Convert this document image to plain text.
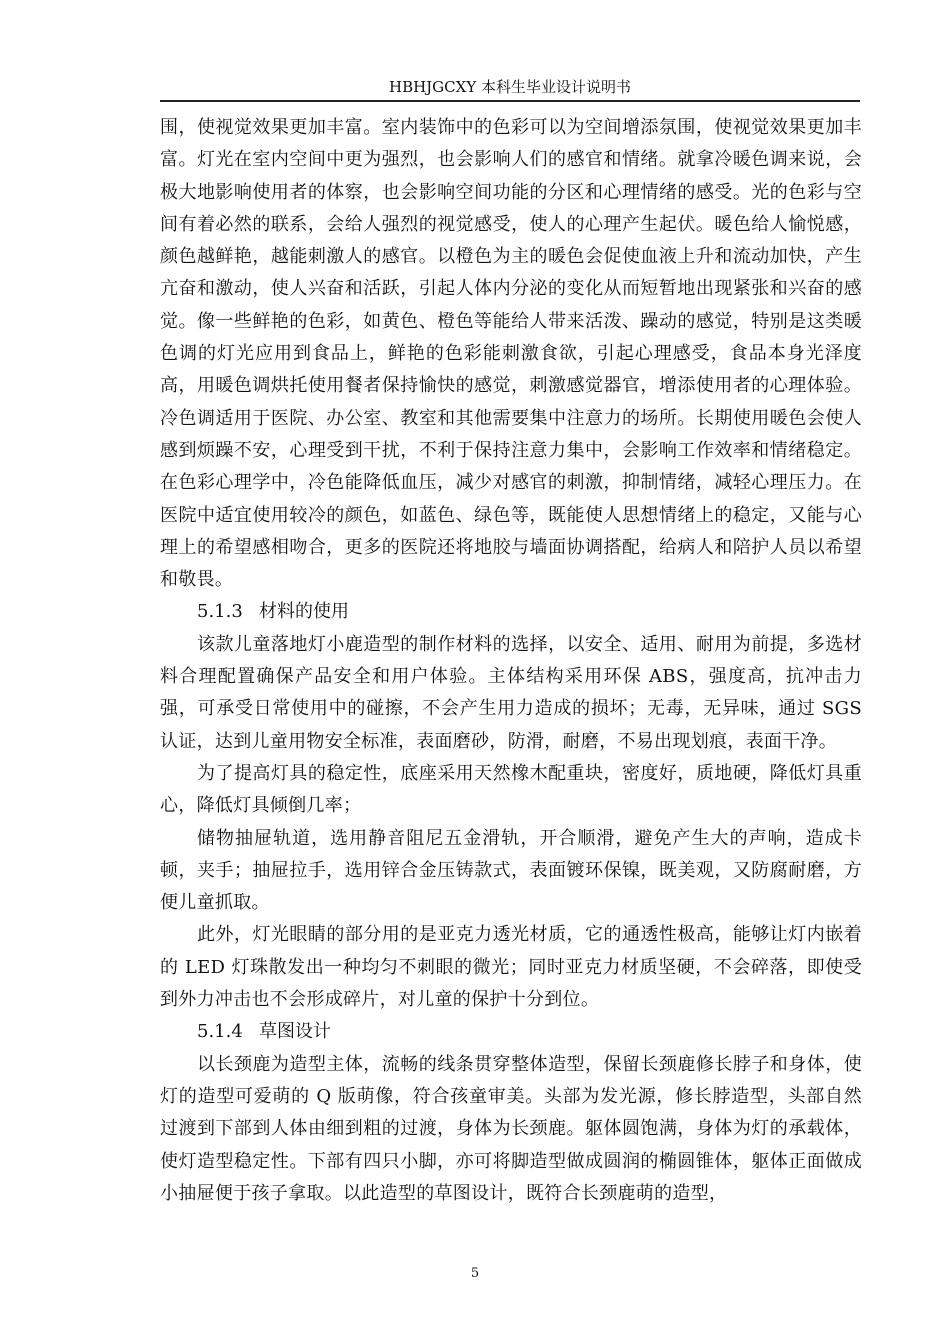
HBHJGCXY 本科生毕业设计说明书

围，使视觉效果更加丰富。室内装饰中的色彩可以为空间增添氛围，使视觉效果更加丰富。灯光在室内空间中更为强烈，也会影响人们的感官和情绪。就拿冷暖色调来说，会极大地影响使用者的体察，也会影响空间功能的分区和心理情绪的感受。光的色彩与空间有着必然的联系，会给人强烈的视觉感受，使人的心理产生起伏。暖色给人愉悦感，颜色越鲜艳，越能刺激人的感官。以橙色为主的暖色会促使血液上升和流动加快，产生亢奋和激动，使人兴奋和活跃，引起人体内分泌的变化从而短暂地出现紧张和兴奋的感觉。像一些鲜艳的色彩，如黄色、橙色等能给人带来活泼、躁动的感觉，特别是这类暖色调的灯光应用到食品上，鲜艳的色彩能刺激食欲，引起心理感受，食品本身光泽度高，用暖色调烘托使用餐者保持愉快的感觉，刺激感觉器官，增添使用者的心理体验。冷色调适用于医院、办公室、教室和其他需要集中注意力的场所。长期使用暖色会使人感到烦躁不安，心理受到干扰，不利于保持注意力集中，会影响工作效率和情绪稳定。在色彩心理学中，冷色能降低血压，减少对感官的刺激，抑制情绪，减轻心理压力。在医院中适宜使用较冷的颜色，如蓝色、绿色等，既能使人思想情绪上的稳定，又能与心理上的希望感相吻合，更多的医院还将地胶与墙面协调搭配，给病人和陪护人员以希望和敬畏。

5.1.3 材料的使用

该款儿童落地灯小鹿造型的制作材料的选择，以安全、适用、耐用为前提，多选材料合理配置确保产品安全和用户体验。主体结构采用环保 ABS，强度高，抗冲击力强，可承受日常使用中的碰擦，不会产生用力造成的损坏；无毒，无异味，通过 SGS 认证，达到儿童用物安全标准，表面磨砂，防滑，耐磨，不易出现划痕，表面干净。

为了提高灯具的稳定性，底座采用天然橡木配重块，密度好，质地硬，降低灯具重心，降低灯具倾倒几率；

储物抽屉轨道，选用静音阻尼五金滑轨，开合顺滑，避免产生大的声响，造成卡顿，夹手；抽屉拉手，选用锌合金压铸款式，表面镀环保镍，既美观，又防腐耐磨，方便儿童抓取。

此外，灯光眼睛的部分用的是亚克力透光材质，它的通透性极高，能够让灯内嵌着的 LED 灯珠散发出一种均匀不刺眼的微光；同时亚克力材质坚硬，不会碎落，即使受到外力冲击也不会形成碎片，对儿童的保护十分到位。

5.1.4 草图设计

以长颈鹿为造型主体，流畅的线条贯穿整体造型，保留长颈鹿修长脖子和身体，使灯的造型可爱萌的 Q 版萌像，符合孩童审美。头部为发光源，修长脖造型，头部自然过渡到下部到人体由细到粗的过渡，身体为长颈鹿。躯体圆饱满，身体为灯的承载体，使灯造型稳定性。下部有四只小脚，亦可将脚造型做成圆润的椭圆锥体，躯体正面做成小抽屉便于孩子拿取。以此造型的草图设计，既符合长颈鹿萌的造型，

5
